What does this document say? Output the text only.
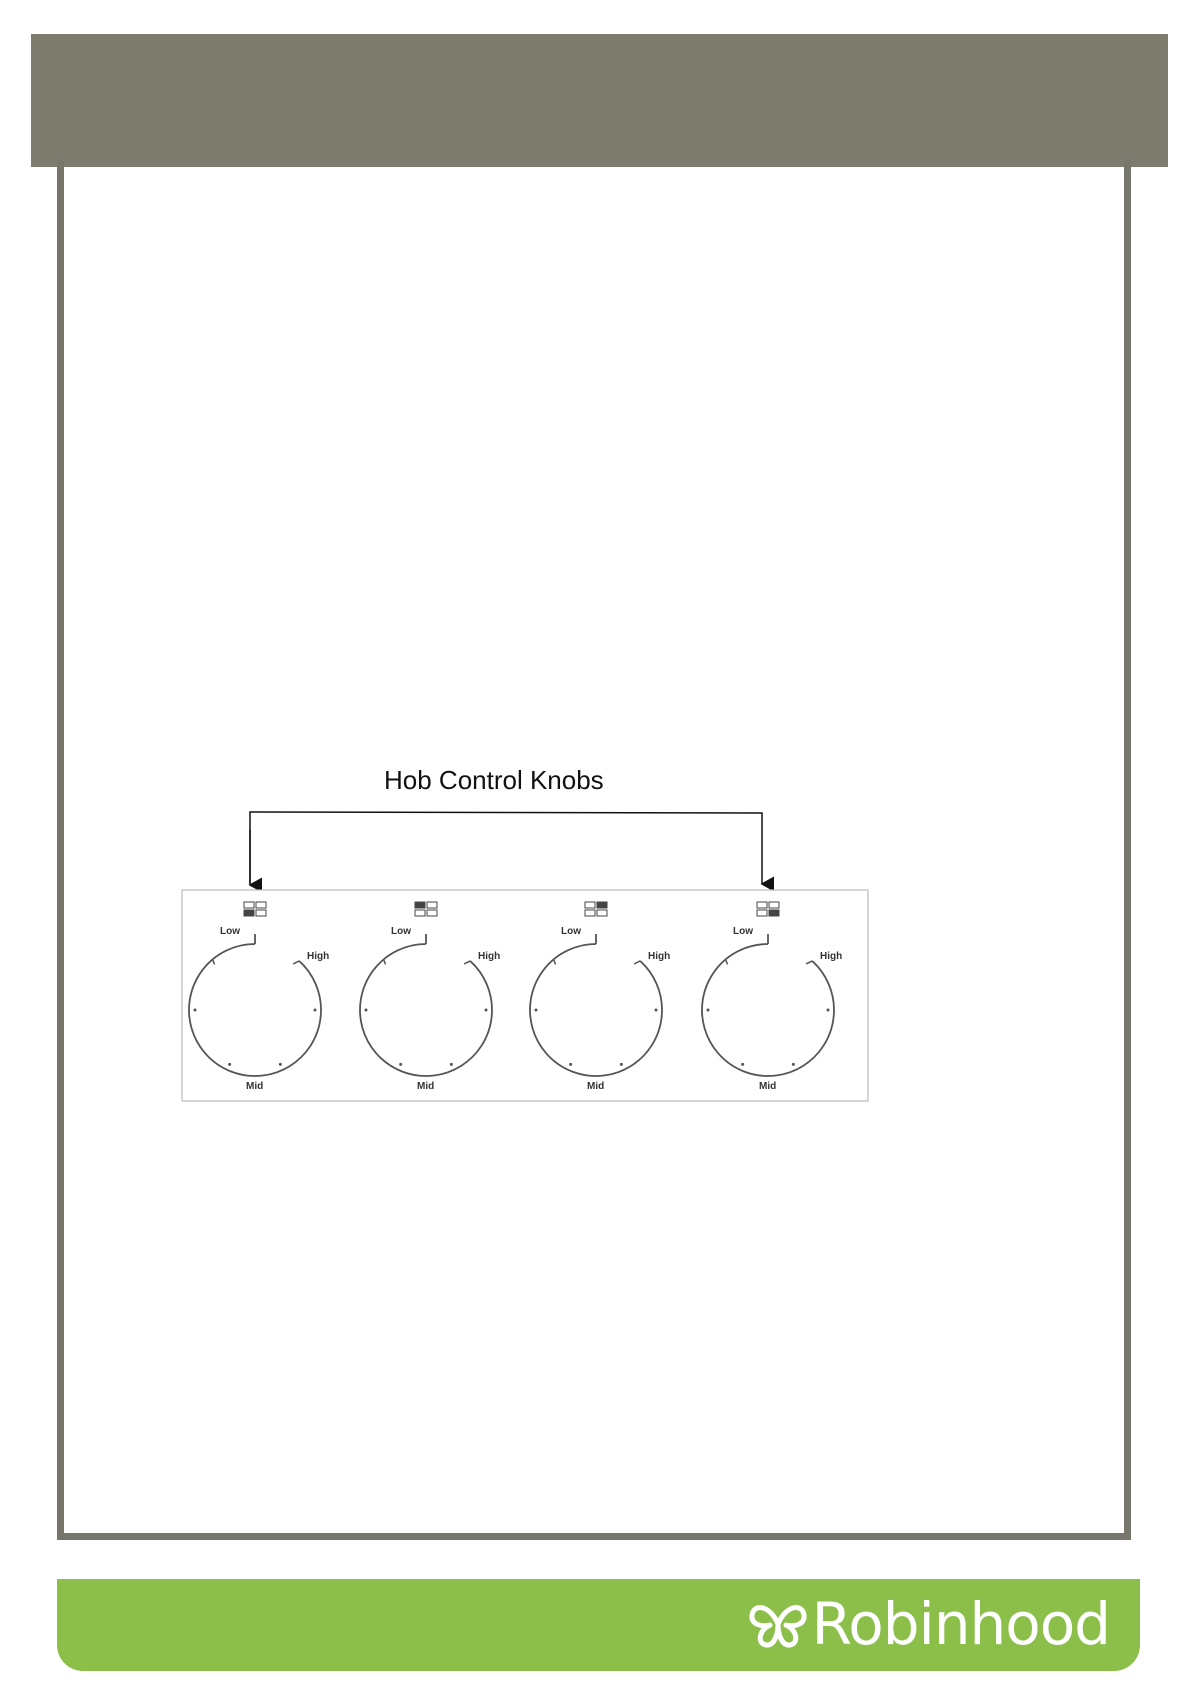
Hob Control Knobs
Low
High
Mid
Low
High
Mid
Low
High
Mid
Low
High
Mid
Robinhood
